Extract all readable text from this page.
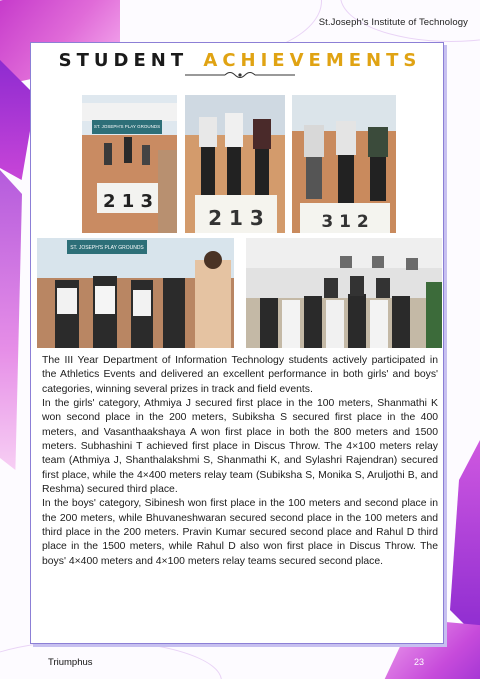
St.Joseph's Institute of Technology
STUDENT ACHIEVEMENTS
ST. JOSEPH'S PLAY GROUNDS
2 1 3
2 1 3	3 1 2
ST. JOSEPH'S PLAY GROUNDS

The III Year Department of Information Technology students actively participated in the Athletics Events and delivered an excellent performance in both girls' and boys' categories, winning several prizes in track and field events.

In the girls' category, Athmiya J secured first place in the 100 meters, Shanmathi K won second place in the 200 meters, Subiksha S secured first place in the 400 meters, and Vasanthaakshaya A won first place in both the 800 meters and 1500 meters. Subhashini T achieved first place in Discus Throw. The 4×100 meters relay team (Athmiya J, Shanthalakshmi S, Shanmathi K, and Sylashri Rajendran) secured first place, while the 4×400 meters relay team (Subiksha S, Monika S, Aruljothi B, and Reshma) secured third place.

In the boys' category, Sibinesh won first place in the 100 meters and second place in the 200 meters, while Bhuvaneshwaran secured second place in the 100 meters and third place in the 200 meters. Pravin Kumar secured second place and Rahul D third place in the 1500 meters, while Rahul D also won first place in Discus Throw. The boys' 4×400 meters and 4×100 meters relay teams secured second place.

Triumphus	23
